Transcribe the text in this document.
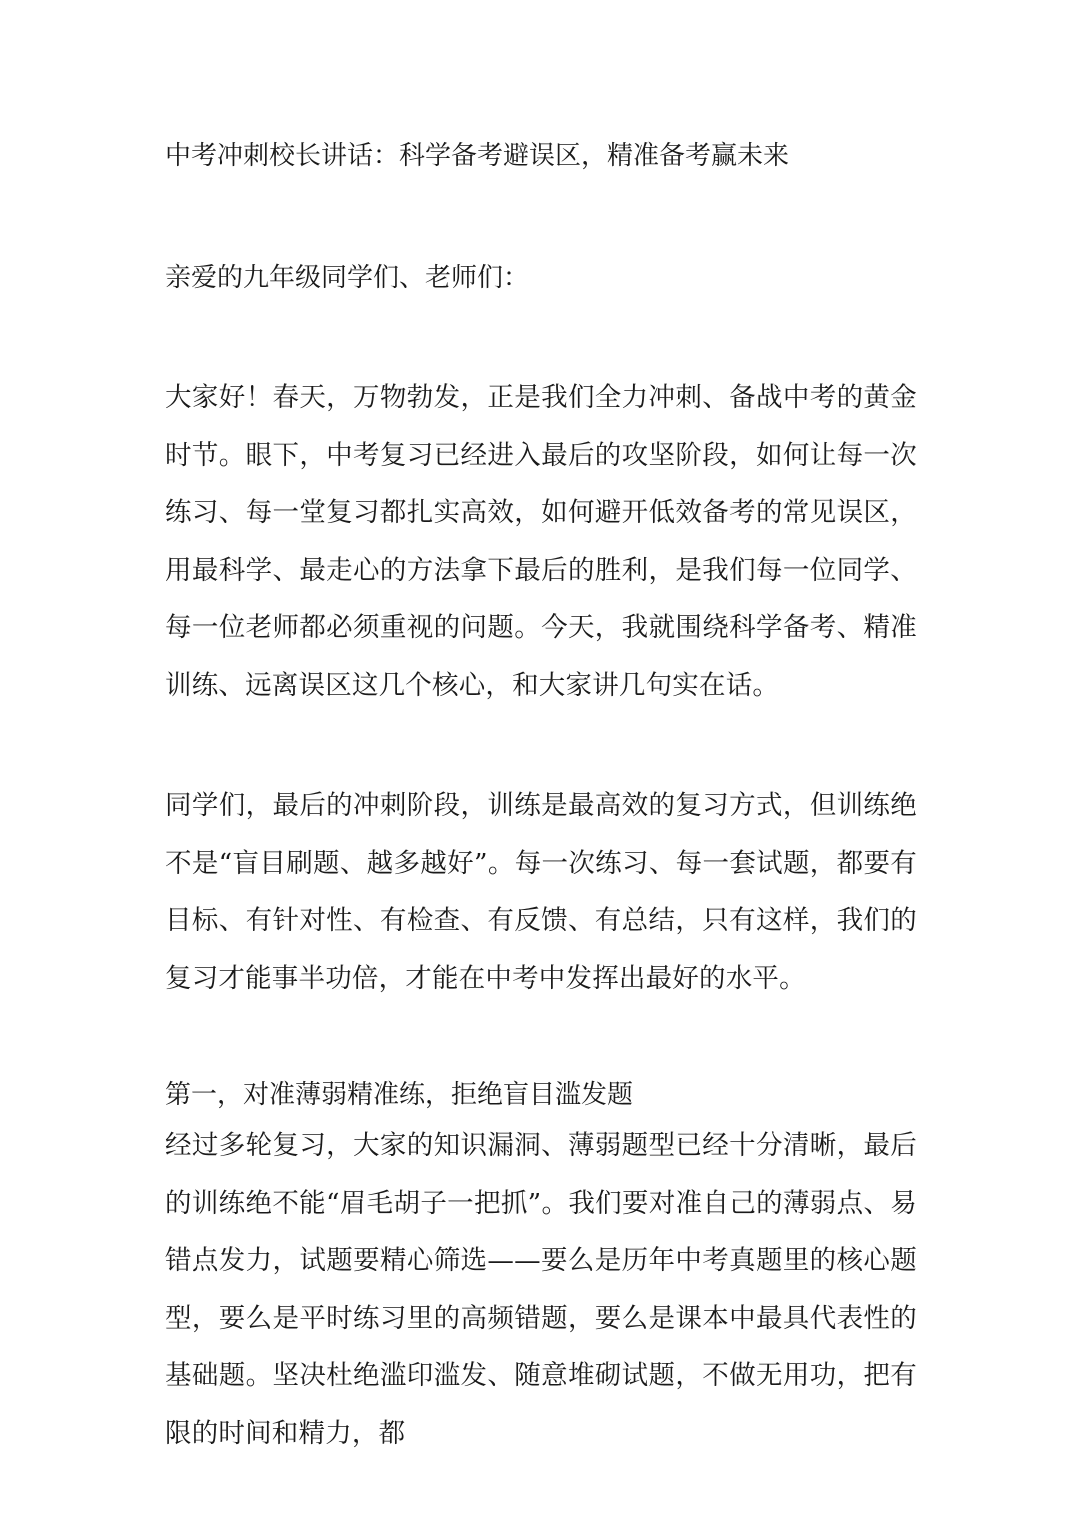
中考冲刺校长讲话：科学备考避误区，精准备考赢未来

亲爱的九年级同学们、老师们：

大家好！春天，万物勃发，正是我们全力冲刺、备战中考的黄金时节。眼下，中考复习已经进入最后的攻坚阶段，如何让每一次练习、每一堂复习都扎实高效，如何避开低效备考的常见误区，用最科学、最走心的方法拿下最后的胜利，是我们每一位同学、每一位老师都必须重视的问题。今天，我就围绕科学备考、精准训练、远离误区这几个核心，和大家讲几句实在话。

同学们，最后的冲刺阶段，训练是最高效的复习方式，但训练绝不是“盲目刷题、越多越好”。每一次练习、每一套试题，都要有目标、有针对性、有检查、有反馈、有总结，只有这样，我们的复习才能事半功倍，才能在中考中发挥出最好的水平。

第一，对准薄弱精准练，拒绝盲目滥发题

经过多轮复习，大家的知识漏洞、薄弱题型已经十分清晰，最后的训练绝不能“眉毛胡子一把抓”。我们要对准自己的薄弱点、易错点发力，试题要精心筛选——要么是历年中考真题里的核心题型，要么是平时练习里的高频错题，要么是课本中最具代表性的基础题。坚决杜绝滥印滥发、随意堆砌试题，不做无用功，把有限的时间和精力，都
